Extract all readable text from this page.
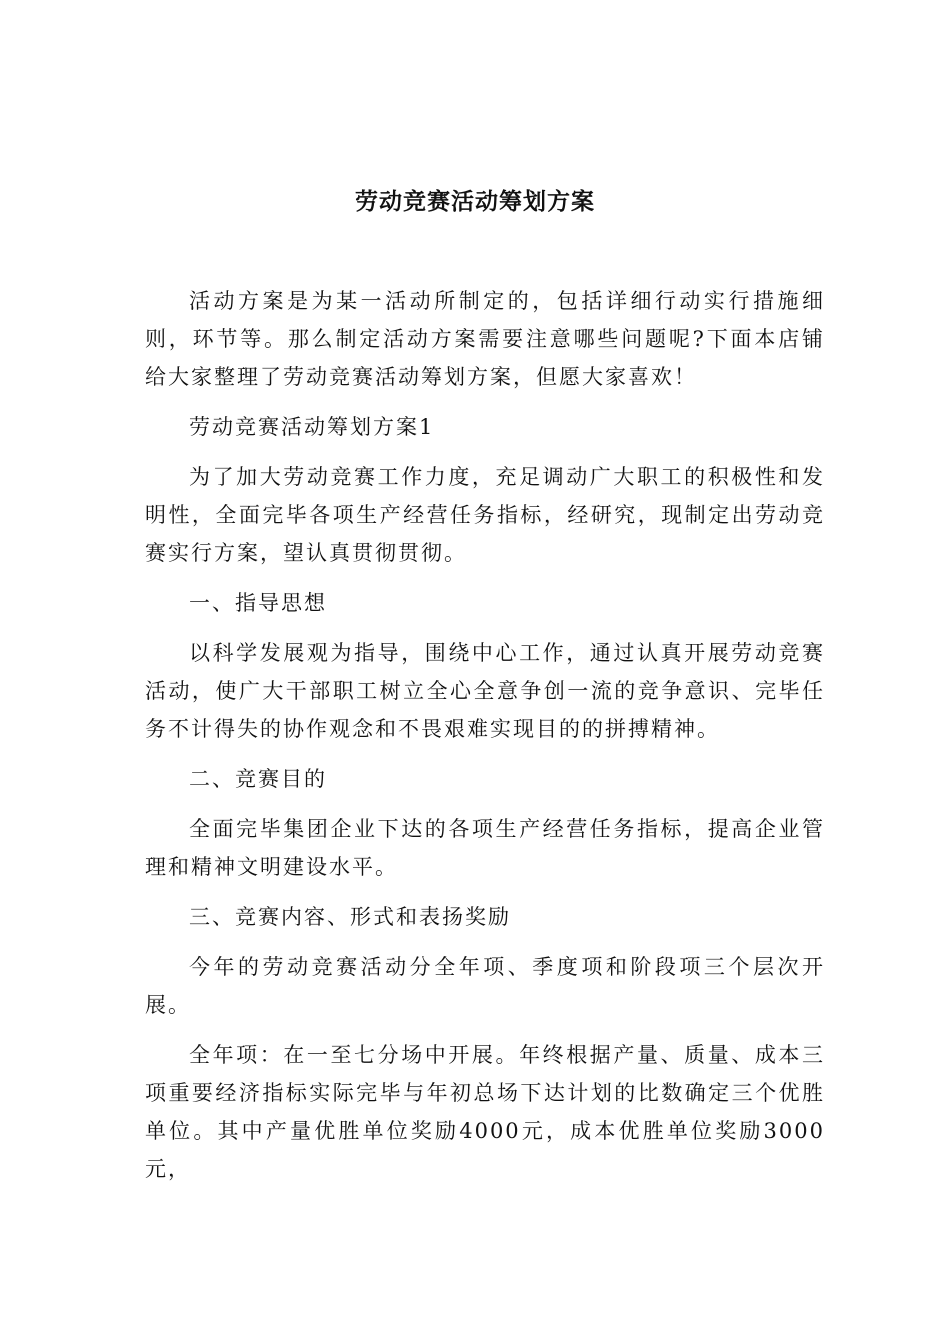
劳动竞赛活动筹划方案

活动方案是为某一活动所制定的，包括详细行动实行措施细则，环节等。那么制定活动方案需要注意哪些问题呢?下面本店铺给大家整理了劳动竞赛活动筹划方案，但愿大家喜欢！

劳动竞赛活动筹划方案1

为了加大劳动竞赛工作力度，充足调动广大职工的积极性和发明性，全面完毕各项生产经营任务指标，经研究，现制定出劳动竞赛实行方案，望认真贯彻贯彻。

一、指导思想

以科学发展观为指导，围绕中心工作，通过认真开展劳动竞赛活动，使广大干部职工树立全心全意争创一流的竞争意识、完毕任务不计得失的协作观念和不畏艰难实现目的的拼搏精神。

二、竞赛目的

全面完毕集团企业下达的各项生产经营任务指标，提高企业管理和精神文明建设水平。

三、竞赛内容、形式和表扬奖励

今年的劳动竞赛活动分全年项、季度项和阶段项三个层次开展。

全年项：在一至七分场中开展。年终根据产量、质量、成本三项重要经济指标实际完毕与年初总场下达计划的比数确定三个优胜单位。其中产量优胜单位奖励4000元，成本优胜单位奖励3000元，
